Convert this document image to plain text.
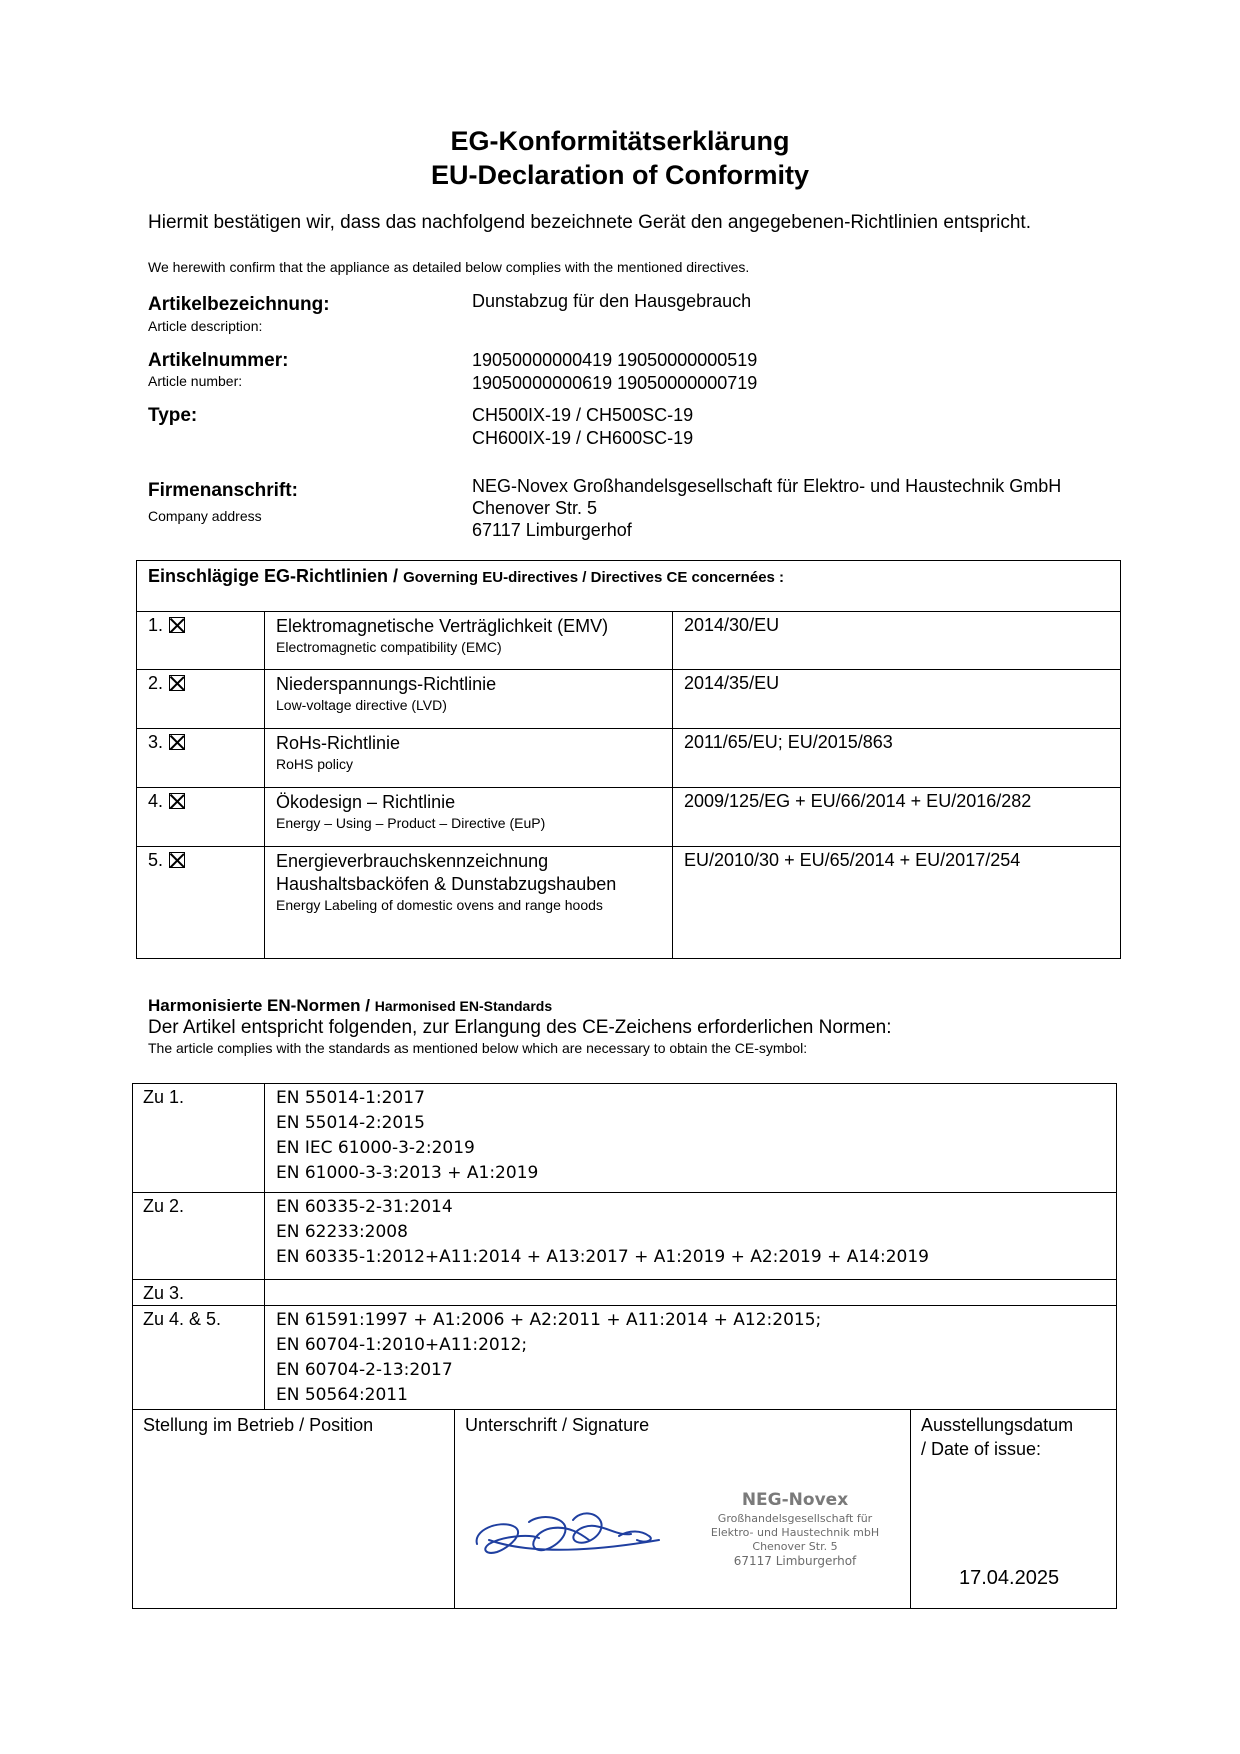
EG-Konformitätserklärung
EU-Declaration of Conformity
Hiermit bestätigen wir, dass das nachfolgend bezeichnete Gerät den angegebenen-Richtlinien entspricht.
We herewith confirm that the appliance as detailed below complies with the mentioned directives.
Artikelbezeichnung:
Article description:
Dunstabzug für den Hausgebrauch
Artikelnummer:
Article number:
19050000000419 19050000000519
19050000000619 19050000000719
Type:	CH500IX-19 / CH500SC-19
CH600IX-19 / CH600SC-19
Firmenanschrift:
Company address
NEG-Novex Großhandelsgesellschaft für Elektro- und Haustechnik GmbH
Chenover Str. 5
67117 Limburgerhof
Einschlägige EG-Richtlinien / Governing EU-directives / Directives CE concernées :
1.	Elektromagnetische Verträglichkeit (EMV)
Electromagnetic compatibility (EMC)
2014/30/EU
2.	Niederspannungs-Richtlinie
Low-voltage directive (LVD)
2014/35/EU
3.	RoHs-Richtlinie
RoHS policy
2011/65/EU; EU/2015/863
4.	Ökodesign – Richtlinie
Energy – Using – Product – Directive (EuP)
2009/125/EG + EU/66/2014 + EU/2016/282
5.	Energieverbrauchskennzeichnung Haushaltsbacköfen & Dunstabzugshauben
Energy Labeling of domestic ovens and range hoods
EU/2010/30 + EU/65/2014 + EU/2017/254
Harmonisierte EN-Normen / Harmonised EN-Standards
Der Artikel entspricht folgenden, zur Erlangung des CE-Zeichens erforderlichen Normen:
The article complies with the standards as mentioned below which are necessary to obtain the CE-symbol:
Zu 1.	EN 55014-1:2017
EN 55014-2:2015
EN IEC 61000-3-2:2019
EN 61000-3-3:2013 + A1:2019
Zu 2.	EN 60335-2-31:2014
EN 62233:2008
EN 60335-1:2012+A11:2014 + A13:2017 + A1:2019 + A2:2019 + A14:2019
Zu 3.
Zu 4. & 5.	EN 61591:1997 + A1:2006 + A2:2011 + A11:2014 + A12:2015;
EN 60704-1:2010+A11:2012;
EN 60704-2-13:2017
EN 50564:2011
Stellung im Betrieb / Position	Unterschrift / Signature
NEG-Novex
Großhandelsgesellschaft für
Elektro- und Haustechnik mbH
Chenover Str. 5
67117 Limburgerhof
Ausstellungsdatum
/ Date of issue:
17.04.2025
